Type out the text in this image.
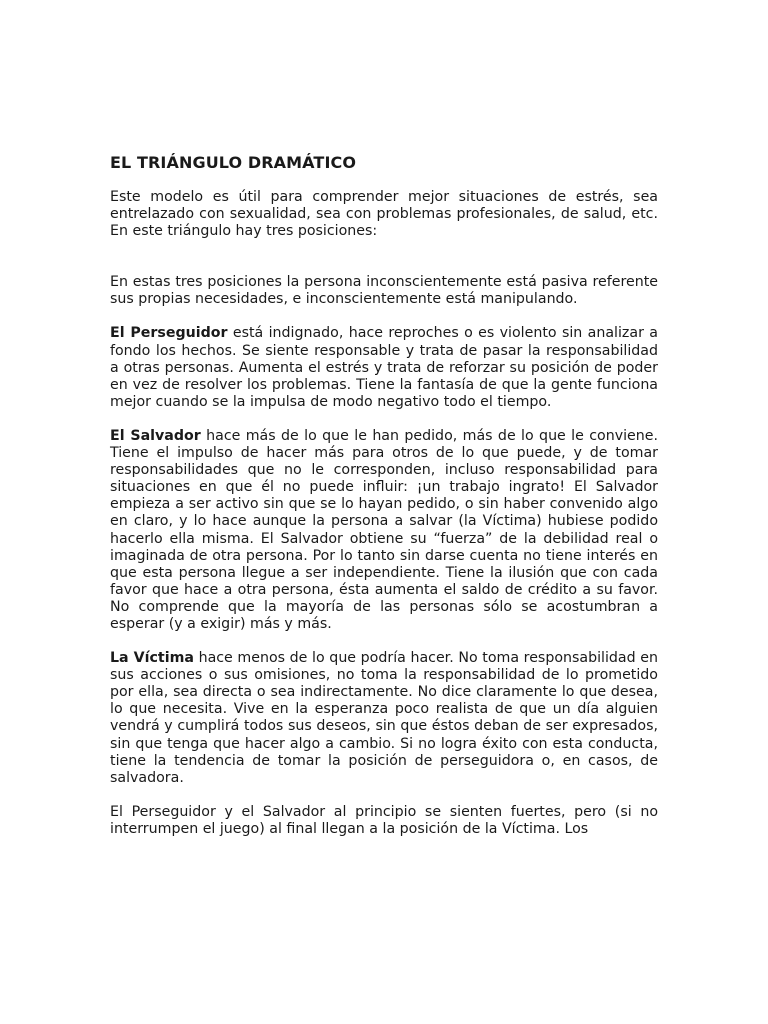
EL TRIÁNGULO DRAMÁTICO

Este modelo es útil para comprender mejor situaciones de estrés, sea entrelazado con sexualidad, sea con problemas profesionales, de salud, etc. En este triángulo hay tres posiciones:

En estas tres posiciones la persona inconscientemente está pasiva referente sus propias necesidades, e inconscientemente está manipulando.

El Perseguidor está indignado, hace reproches o es violento sin analizar a fondo los hechos. Se siente responsable y trata de pasar la responsabilidad a otras personas. Aumenta el estrés y trata de reforzar su posición de poder en vez de resolver los problemas. Tiene la fantasía de que la gente funciona mejor cuando se la impulsa de modo negativo todo el tiempo.

El Salvador hace más de lo que le han pedido, más de lo que le conviene. Tiene el impulso de hacer más para otros de lo que puede, y de tomar responsabilidades que no le corresponden, incluso responsabilidad para situaciones en que él no puede influir: ¡un trabajo ingrato! El Salvador empieza a ser activo sin que se lo hayan pedido, o sin haber convenido algo en claro, y lo hace aunque la persona a salvar (la Víctima) hubiese podido hacerlo ella misma. El Salvador obtiene su “fuerza” de la debilidad real o imaginada de otra persona. Por lo tanto sin darse cuenta no tiene interés en que esta persona llegue a ser independiente. Tiene la ilusión que con cada favor que hace a otra persona, ésta aumenta el saldo de crédito a su favor. No comprende que la mayoría de las personas sólo se acostumbran a esperar (y a exigir) más y más.

La Víctima hace menos de lo que podría hacer. No toma responsabilidad en sus acciones o sus omisiones, no toma la responsabilidad de lo prometido por ella, sea directa o sea indirectamente. No dice claramente lo que desea, lo que necesita. Vive en la esperanza poco realista de que un día alguien vendrá y cumplirá todos sus deseos, sin que éstos deban de ser expresados, sin que tenga que hacer algo a cambio. Si no logra éxito con esta conducta, tiene la tendencia de tomar la posición de perseguidora o, en casos, de salvadora.

El Perseguidor y el Salvador al principio se sienten fuertes, pero (si no interrumpen el juego) al final llegan a la posición de la Víctima. Los
